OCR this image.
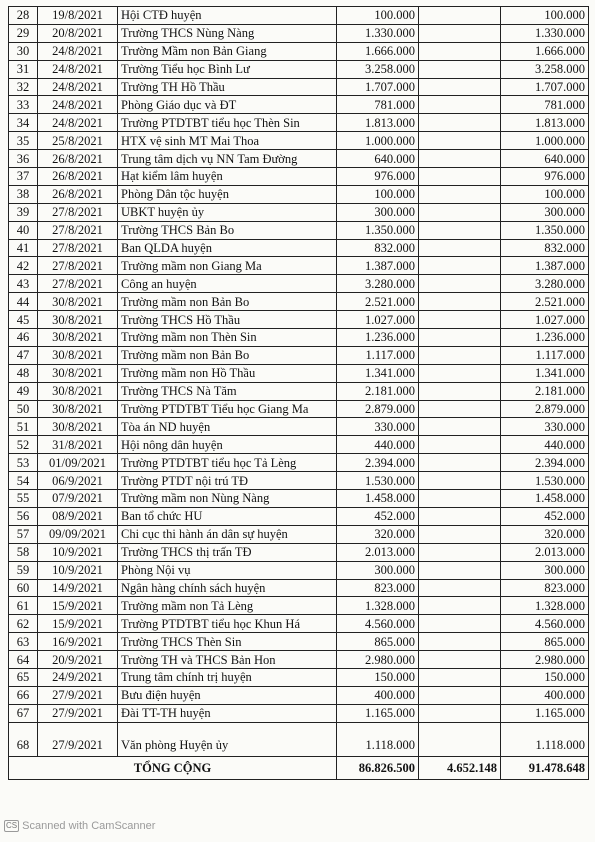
28	19/8/2021	Hội CTĐ huyện	100.000		100.000
29	20/8/2021	Trường THCS Nùng Nàng	1.330.000		1.330.000
30	24/8/2021	Trường Mầm non Bản Giang	1.666.000		1.666.000
31	24/8/2021	Trường Tiểu học Bình Lư	3.258.000		3.258.000
32	24/8/2021	Trường TH Hồ Thầu	1.707.000		1.707.000
33	24/8/2021	Phòng Giáo dục và ĐT	781.000		781.000
34	24/8/2021	Trường PTDTBT tiểu học Thèn Sin	1.813.000		1.813.000
35	25/8/2021	HTX vệ sinh MT Mai Thoa	1.000.000		1.000.000
36	26/8/2021	Trung tâm dịch vụ NN Tam Đường	640.000		640.000
37	26/8/2021	Hạt kiểm lâm huyện	976.000		976.000
38	26/8/2021	Phòng Dân tộc huyện	100.000		100.000
39	27/8/2021	UBKT huyện ủy	300.000		300.000
40	27/8/2021	Trường THCS Bản Bo	1.350.000		1.350.000
41	27/8/2021	Ban QLDA huyện	832.000		832.000
42	27/8/2021	Trường mầm non Giang Ma	1.387.000		1.387.000
43	27/8/2021	Công an huyện	3.280.000		3.280.000
44	30/8/2021	Trường mầm non Bản Bo	2.521.000		2.521.000
45	30/8/2021	Trường THCS Hồ Thầu	1.027.000		1.027.000
46	30/8/2021	Trường mầm non Thèn Sin	1.236.000		1.236.000
47	30/8/2021	Trường mầm non Bản Bo	1.117.000		1.117.000
48	30/8/2021	Trường mầm non Hồ Thầu	1.341.000		1.341.000
49	30/8/2021	Trường THCS Nà Tăm	2.181.000		2.181.000
50	30/8/2021	Trường PTDTBT Tiểu học Giang Ma	2.879.000		2.879.000
51	30/8/2021	Tòa án ND huyện	330.000		330.000
52	31/8/2021	Hội nông dân huyện	440.000		440.000
53	01/09/2021	Trường PTDTBT tiểu học Tả Lèng	2.394.000		2.394.000
54	06/9/2021	Trường PTDT nội trú TĐ	1.530.000		1.530.000
55	07/9/2021	Trường mầm non Nùng Nàng	1.458.000		1.458.000
56	08/9/2021	Ban tổ chức HU	452.000		452.000
57	09/09/2021	Chi cục thi hành án dân sự huyện	320.000		320.000
58	10/9/2021	Trường THCS thị trấn TĐ	2.013.000		2.013.000
59	10/9/2021	Phòng Nội vụ	300.000		300.000
60	14/9/2021	Ngân hàng chính sách huyện	823.000		823.000
61	15/9/2021	Trường mầm non Tả Lèng	1.328.000		1.328.000
62	15/9/2021	Trường PTDTBT tiểu học Khun Há	4.560.000		4.560.000
63	16/9/2021	Trường THCS Thèn Sin	865.000		865.000
64	20/9/2021	Trường TH và THCS Bản Hon	2.980.000		2.980.000
65	24/9/2021	Trung tâm chính trị huyện	150.000		150.000
66	27/9/2021	Bưu điện huyện	400.000		400.000
67	27/9/2021	Đài TT-TH huyện	1.165.000		1.165.000
68	27/9/2021	Văn phòng Huyện ủy	1.118.000		1.118.000
TỔNG CỘNG			86.826.500	4.652.148	91.478.648
CS Scanned with CamScanner
